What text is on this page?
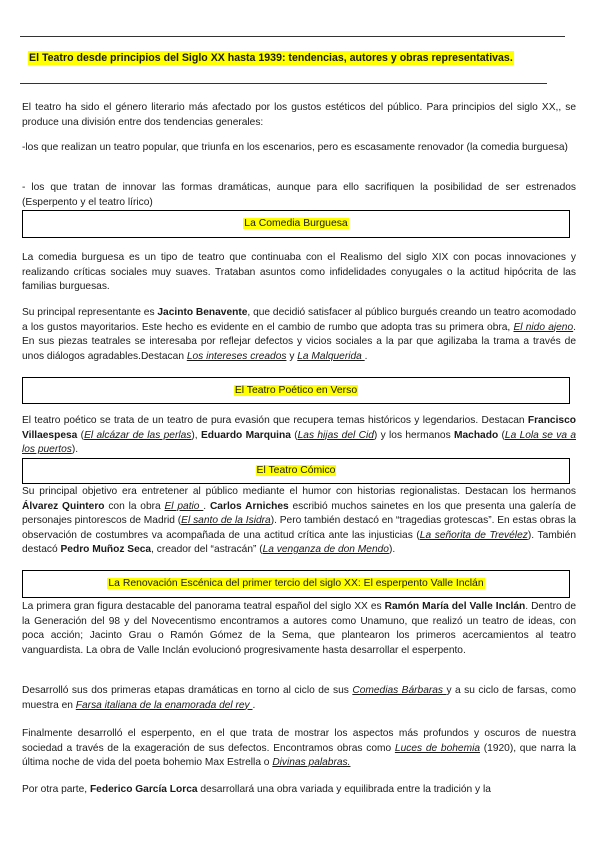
El Teatro desde principios del Siglo XX hasta 1939: tendencias, autores y obras representativas.

El teatro ha sido el género literario más afectado por los gustos estéticos del público. Para principios del siglo XX,, se produce una división entre dos tendencias generales:

-los que realizan un teatro popular, que triunfa en los escenarios, pero es escasamente renovador (la comedia burguesa)

- los que tratan de innovar las formas dramáticas, aunque para ello sacrifiquen la posibilidad de ser estrenados (Esperpento y el teatro lírico)

La Comedia Burguesa

La comedia burguesa es un tipo de teatro que continuaba con el Realismo del siglo XIX con pocas innovaciones y realizando críticas sociales muy suaves. Trataban asuntos como infidelidades conyugales o la actitud hipócrita de las familias burguesas.

Su principal representante es Jacinto Benavente, que decidió satisfacer al público burgués creando un teatro acomodado a los gustos mayoritarios. Este hecho es evidente en el cambio de rumbo que adopta tras su primera obra, El nido ajeno. En sus piezas teatrales se interesaba por reflejar defectos y vicios sociales a la par que agilizaba la trama a través de unos diálogos agradables.Destacan Los intereses creados y La Malquerida .

El Teatro Poético en Verso

El teatro poético se trata de un teatro de pura evasión que recupera temas históricos y legendarios. Destacan Francisco Villaespesa (El alcázar de las perlas), Eduardo Marquina (Las hijas del Cid) y los hermanos Machado (La Lola se va a los puertos).

El Teatro Cómico

Su principal objetivo era entretener al público mediante el humor con historias regionalistas. Destacan los hermanos Álvarez Quintero con la obra El patio . Carlos Arniches escribió muchos sainetes en los que presenta una galería de personajes pintorescos de Madrid (El santo de la Isidra). Pero también destacó en “tragedias grotescas”. En estas obras la observación de costumbres va acompañada de una actitud crítica ante las injusticias (La señorita de Trevélez). También destacó Pedro Muñoz Seca, creador del “astracán” (La venganza de don Mendo).

La Renovación Escénica del primer tercio del siglo XX: El esperpento Valle Inclán

La primera gran figura destacable del panorama teatral español del siglo XX es Ramón María del Valle Inclán. Dentro de la Generación del 98 y del Novecentismo encontramos a autores como Unamuno, que realizó un teatro de ideas, con poca acción; Jacinto Grau o Ramón Gómez de la Sema, que plantearon los primeros acercamientos al teatro vanguardista. La obra de Valle Inclán evolucionó progresivamente hasta desarrollar el esperpento.

Desarrolló sus dos primeras etapas dramáticas en torno al ciclo de sus Comedias Bárbaras y a su ciclo de farsas, como muestra en Farsa italiana de la enamorada del rey .

Finalmente desarrolló el esperpento, en el que trata de mostrar los aspectos más profundos y oscuros de nuestra sociedad a través de la exageración de sus defectos. Encontramos obras como Luces de bohemia (1920), que narra la última noche de vida del poeta bohemio Max Estrella o Divinas palabras.

Por otra parte, Federico García Lorca desarrollará una obra variada y equilibrada entre la tradición y la
